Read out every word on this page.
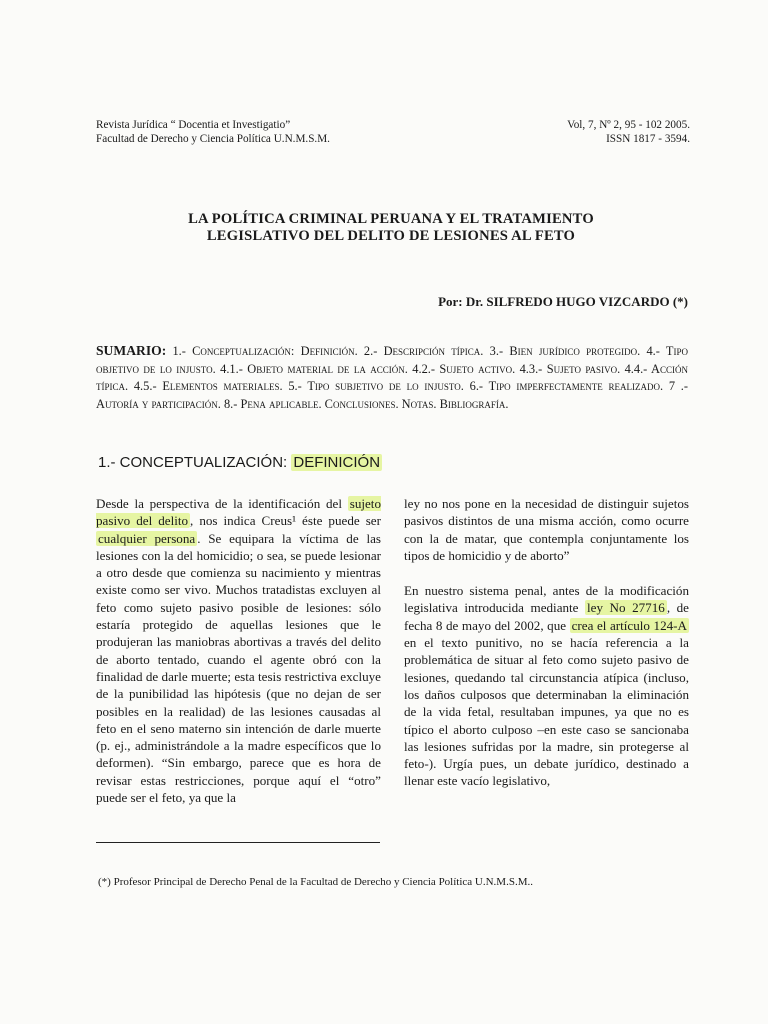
Revista Jurídica “ Docentia et Investigatio”
Facultad de Derecho y Ciencia Política U.N.M.S.M.
Vol, 7, Nº 2, 95 - 102 2005.
ISSN 1817 - 3594.
LA POLÍTICA CRIMINAL PERUANA Y EL TRATAMIENTO
LEGISLATIVO DEL DELITO DE LESIONES AL FETO
Por: Dr. SILFREDO HUGO VIZCARDO (*)
SUMARIO: 1.- Conceptualización: Definición. 2.- Descripción típica. 3.- Bien jurídico protegido. 4.- Tipo objetivo de lo injusto. 4.1.- Objeto material de la acción. 4.2.- Sujeto activo. 4.3.- Sujeto pasivo. 4.4.- Acción típica. 4.5.- Elementos materiales. 5.- Tipo subjetivo de lo injusto. 6.- Tipo imperfectamente realizado. 7 .- Autoría y participación. 8.- Pena aplicable. Conclusiones. Notas. Bibliografía.
1.- CONCEPTUALIZACIÓN: DEFINICIÓN

Desde la perspectiva de la identificación del sujeto pasivo del delito , nos indica Creus¹ éste puede ser cualquier persona . Se equipara la víctima de las lesiones con la del homicidio; o sea, se puede lesionar a otro desde que comienza su nacimiento y mientras existe como ser vivo. Muchos tratadistas excluyen al feto como sujeto pasivo posible de lesiones: sólo estaría protegido de aquellas lesiones que le produjeran las maniobras abortivas a través del delito de aborto tentado, cuando el agente obró con la finalidad de darle muerte; esta tesis restrictiva excluye de la punibilidad las hipótesis (que no dejan de ser posibles en la realidad) de las lesiones causadas al feto en el seno materno sin intención de darle muerte (p. ej., administrándole a la madre específicos que lo deformen). “Sin embargo, parece que es hora de revisar estas restricciones, porque aquí el “otro” puede ser el feto, ya que la

ley no nos pone en la necesidad de distinguir sujetos pasivos distintos de una misma acción, como ocurre con la de matar, que contempla conjuntamente los tipos de homicidio y de aborto”

En nuestro sistema penal, antes de la modificación legislativa introducida mediante ley No 27716 , de fecha 8 de mayo del 2002, que crea el artículo 124-A en el texto punitivo, no se hacía referencia a la problemática de situar al feto como sujeto pasivo de lesiones, quedando tal circunstancia atípica (incluso, los daños culposos que determinaban la eliminación de la vida fetal, resultaban impunes, ya que no es típico el aborto culposo –en este caso se sancionaba las lesiones sufridas por la madre, sin protegerse al feto-). Urgía pues, un debate jurídico, destinado a llenar este vacío legislativo,

(*) Profesor Principal de Derecho Penal de la Facultad de Derecho y Ciencia Política U.N.M.S.M..
